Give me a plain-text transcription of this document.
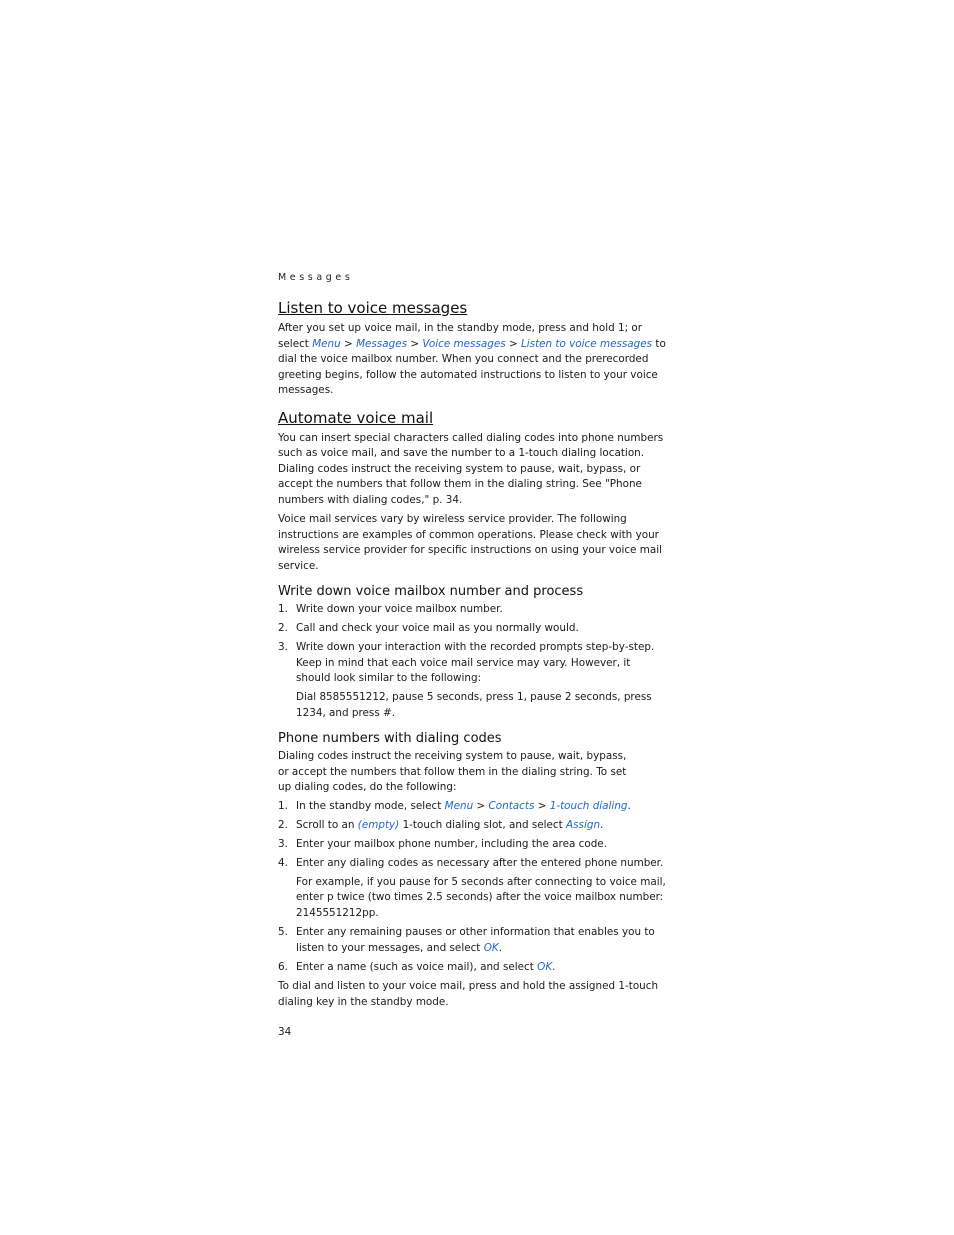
Messages
Listen to voice messages

After you set up voice mail, in the standby mode, press and hold 1; or select Menu > Messages > Voice messages > Listen to voice messages to dial the voice mailbox number. When you connect and the prerecorded greeting begins, follow the automated instructions to listen to your voice messages.

Automate voice mail

You can insert special characters called dialing codes into phone numbers such as voice mail, and save the number to a 1-touch dialing location. Dialing codes instruct the receiving system to pause, wait, bypass, or accept the numbers that follow them in the dialing string. See "Phone numbers with dialing codes," p. 34.

Voice mail services vary by wireless service provider. The following instructions are examples of common operations. Please check with your wireless service provider for specific instructions on using your voice mail service.

Write down voice mailbox number and process
1. Write down your voice mailbox number.
2. Call and check your voice mail as you normally would.
3. Write down your interaction with the recorded prompts step-by-step. Keep in mind that each voice mail service may vary. However, it should look similar to the following:

Dial 8585551212, pause 5 seconds, press 1, pause 2 seconds, press 1234, and press #.

Phone numbers with dialing codes

Dialing codes instruct the receiving system to pause, wait, bypass, or accept the numbers that follow them in the dialing string. To set up dialing codes, do the following:

1. In the standby mode, select Menu > Contacts > 1-touch dialing.
2. Scroll to an (empty) 1-touch dialing slot, and select Assign.
3. Enter your mailbox phone number, including the area code.
4. Enter any dialing codes as necessary after the entered phone number.

For example, if you pause for 5 seconds after connecting to voice mail, enter p twice (two times 2.5 seconds) after the voice mailbox number: 2145551212pp.

5. Enter any remaining pauses or other information that enables you to listen to your messages, and select OK.
6. Enter a name (such as voice mail), and select OK.

To dial and listen to your voice mail, press and hold the assigned 1-touch dialing key in the standby mode.

34
